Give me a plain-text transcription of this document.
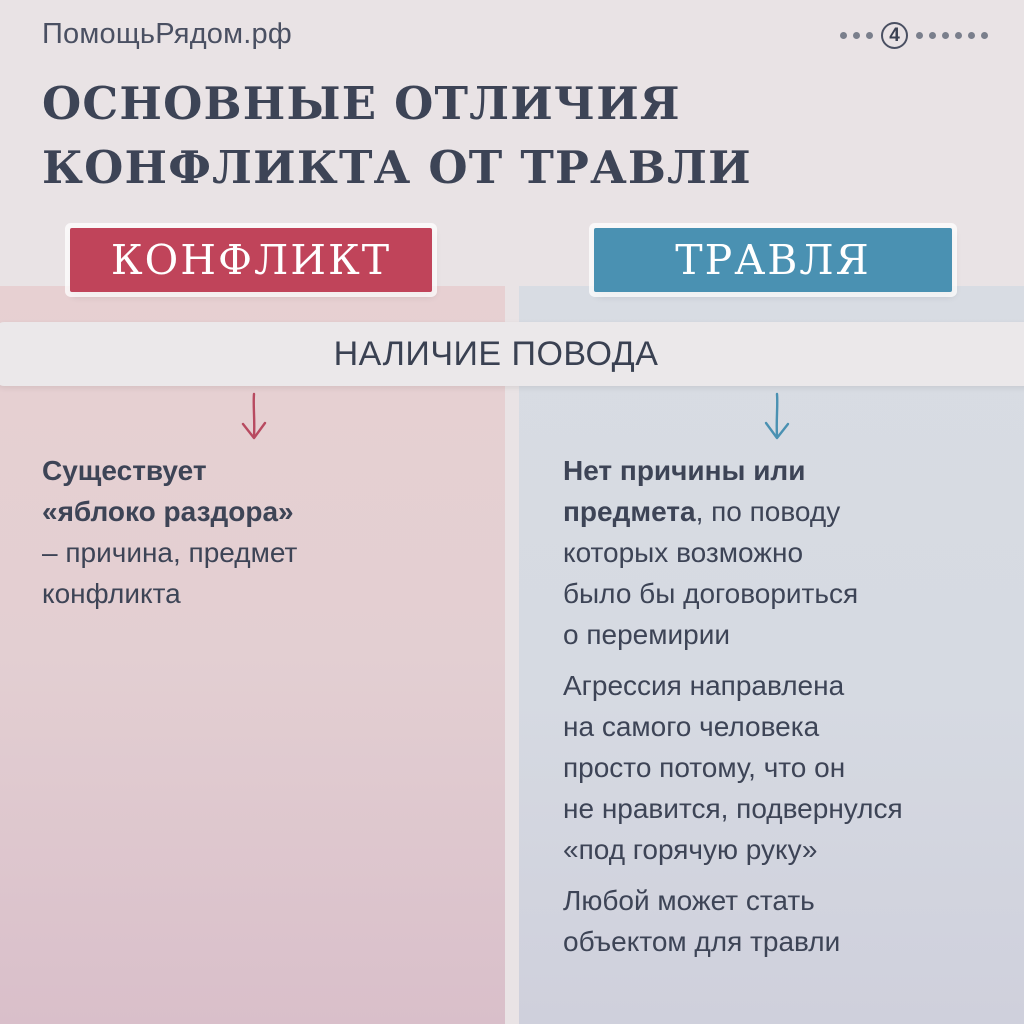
ПомощьРядом.рф	4
ОСНОВНЫЕ ОТЛИЧИЯ
КОНФЛИКТА ОТ ТРАВЛИ
КОНФЛИКТ	ТРАВЛЯ
НАЛИЧИЕ ПОВОДА
Существует
«яблоко раздора»
– причина, предмет
конфликта
Нет причины или
предмета, по поводу
которых возможно
было бы договориться
о перемирии
Агрессия направлена
на самого человека
просто потому, что он
не нравится, подвернулся
«под горячую руку»
Любой может стать
объектом для травли
